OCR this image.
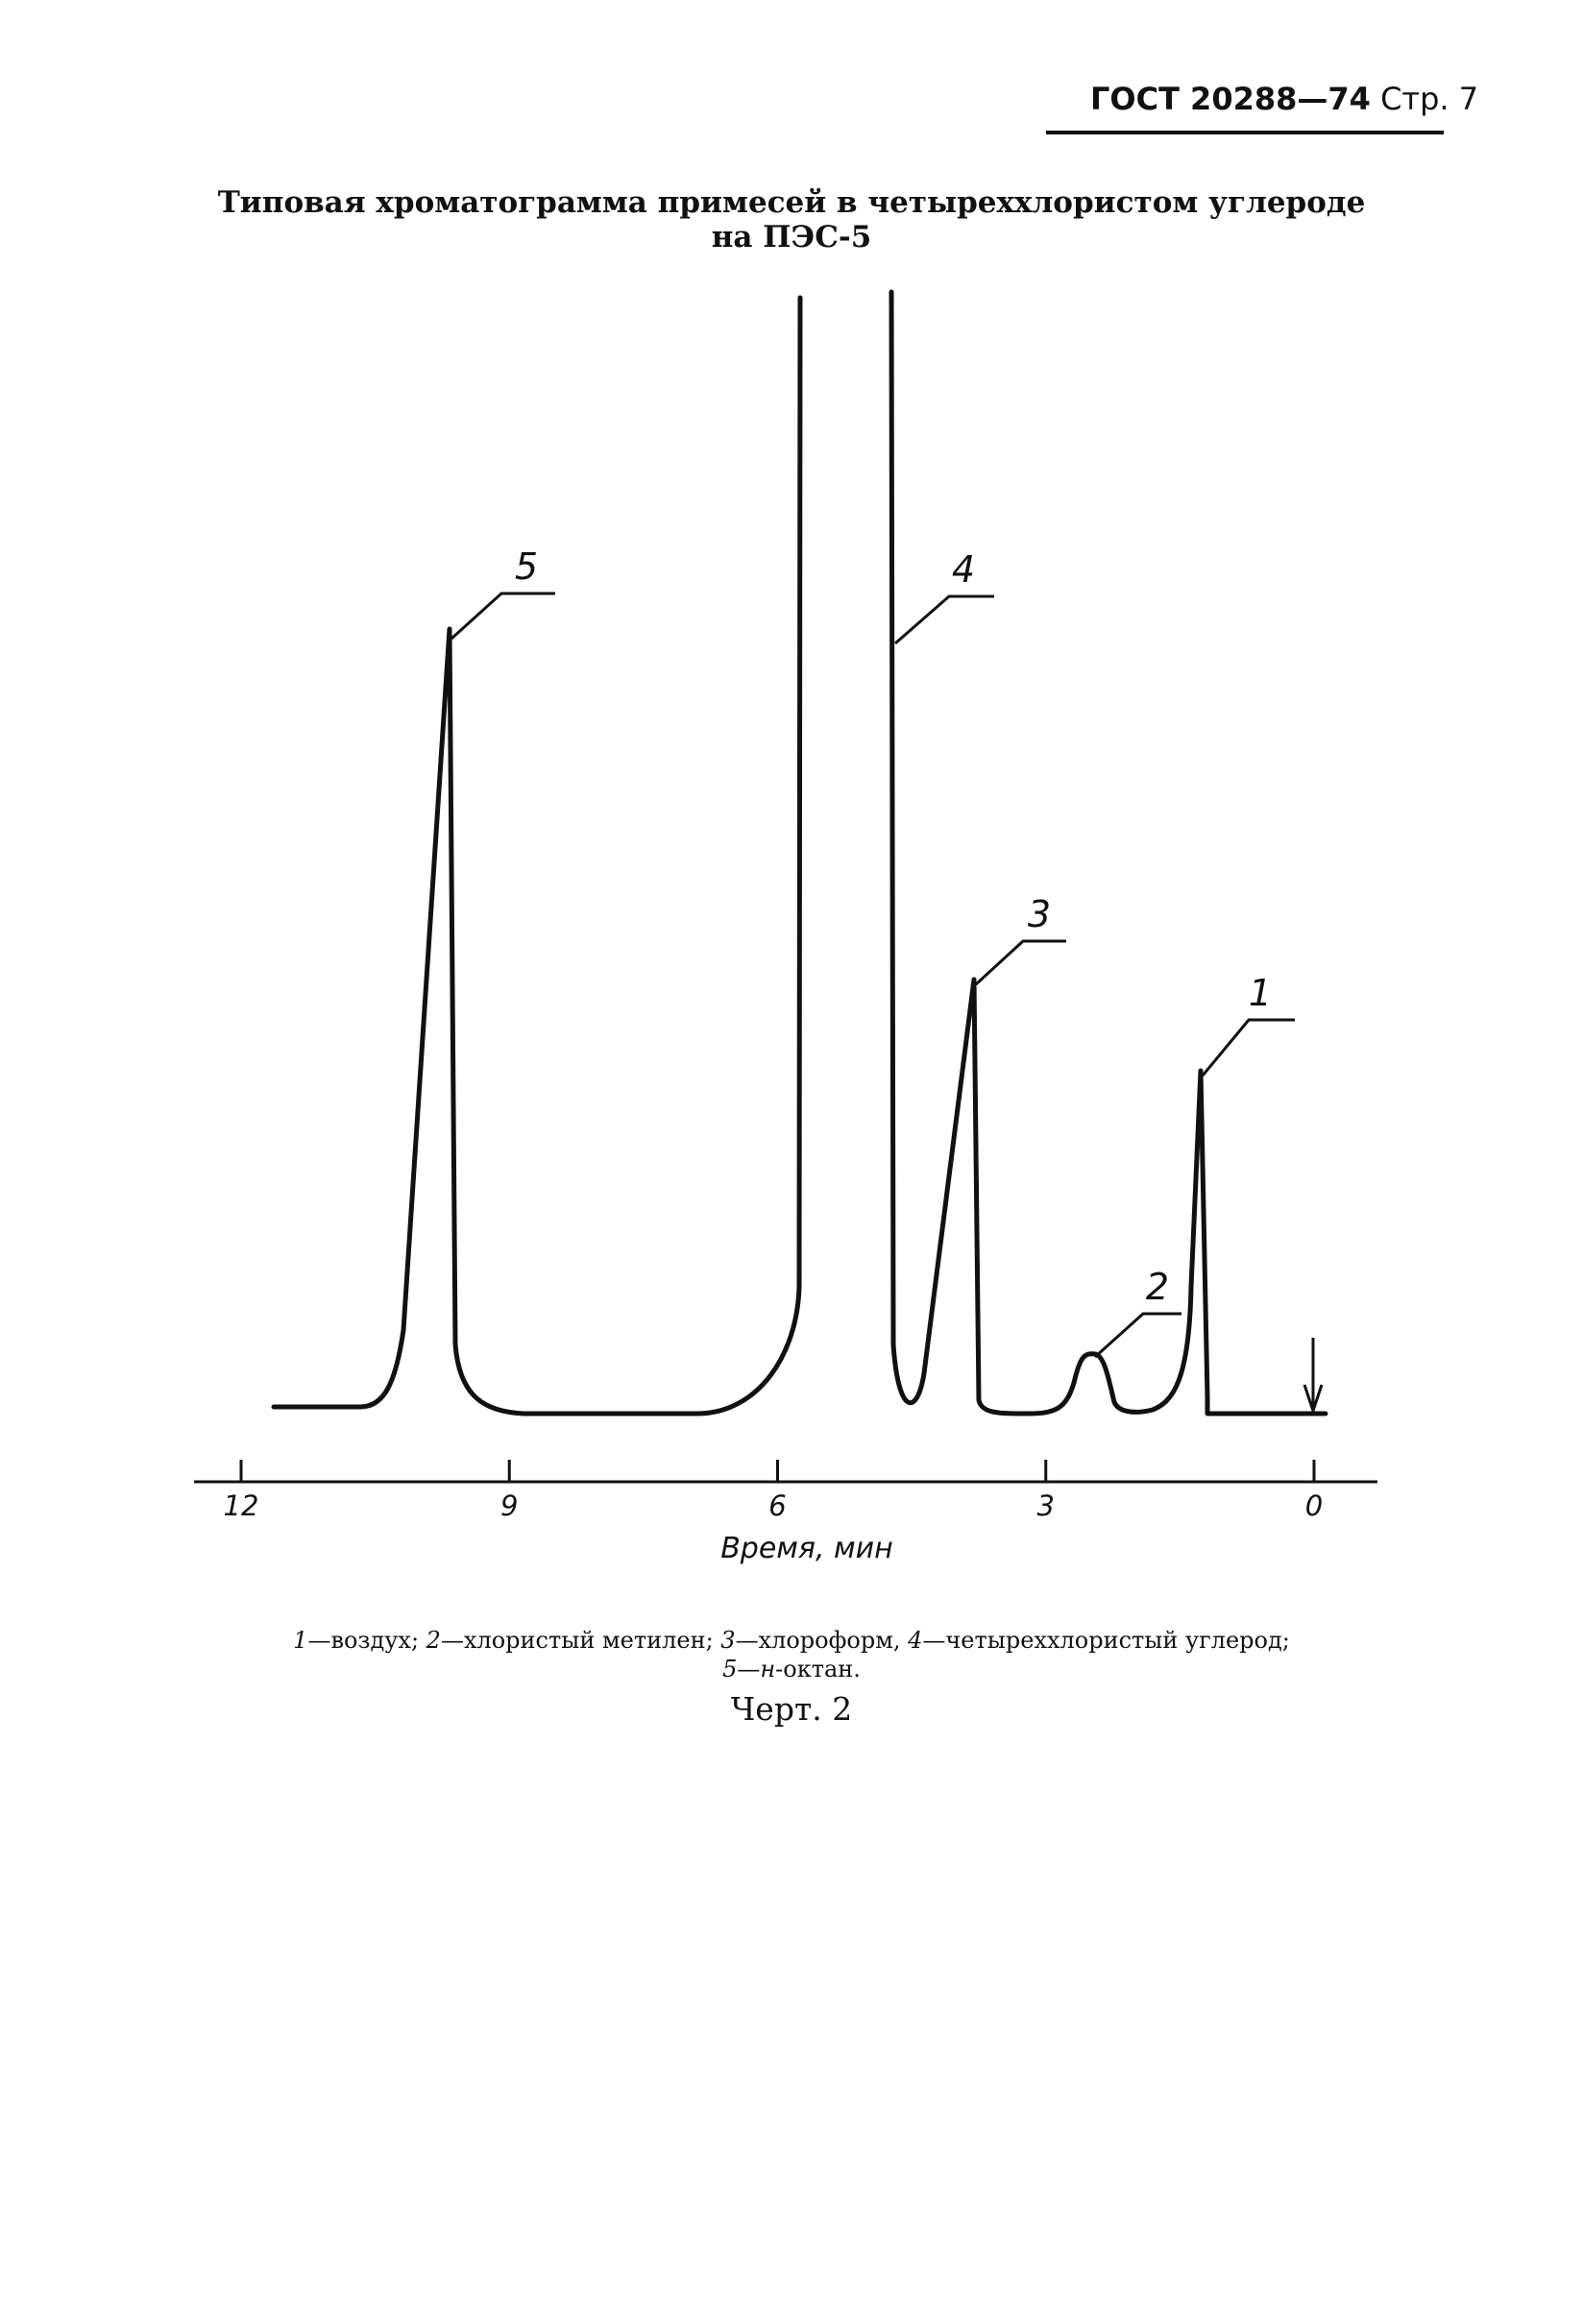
ГОСТ 20288—74 Стр. 7
Типовая хроматограмма примесей в четыреххлористом углероде
на ПЭС-5
12	9	6	3	0
Время, мин
1
2
3
4
5
1—воздух; 2—хлористый метилен; 3—хлороформ, 4—четыреххлористый углерод;
5—н-октан.
Черт. 2
